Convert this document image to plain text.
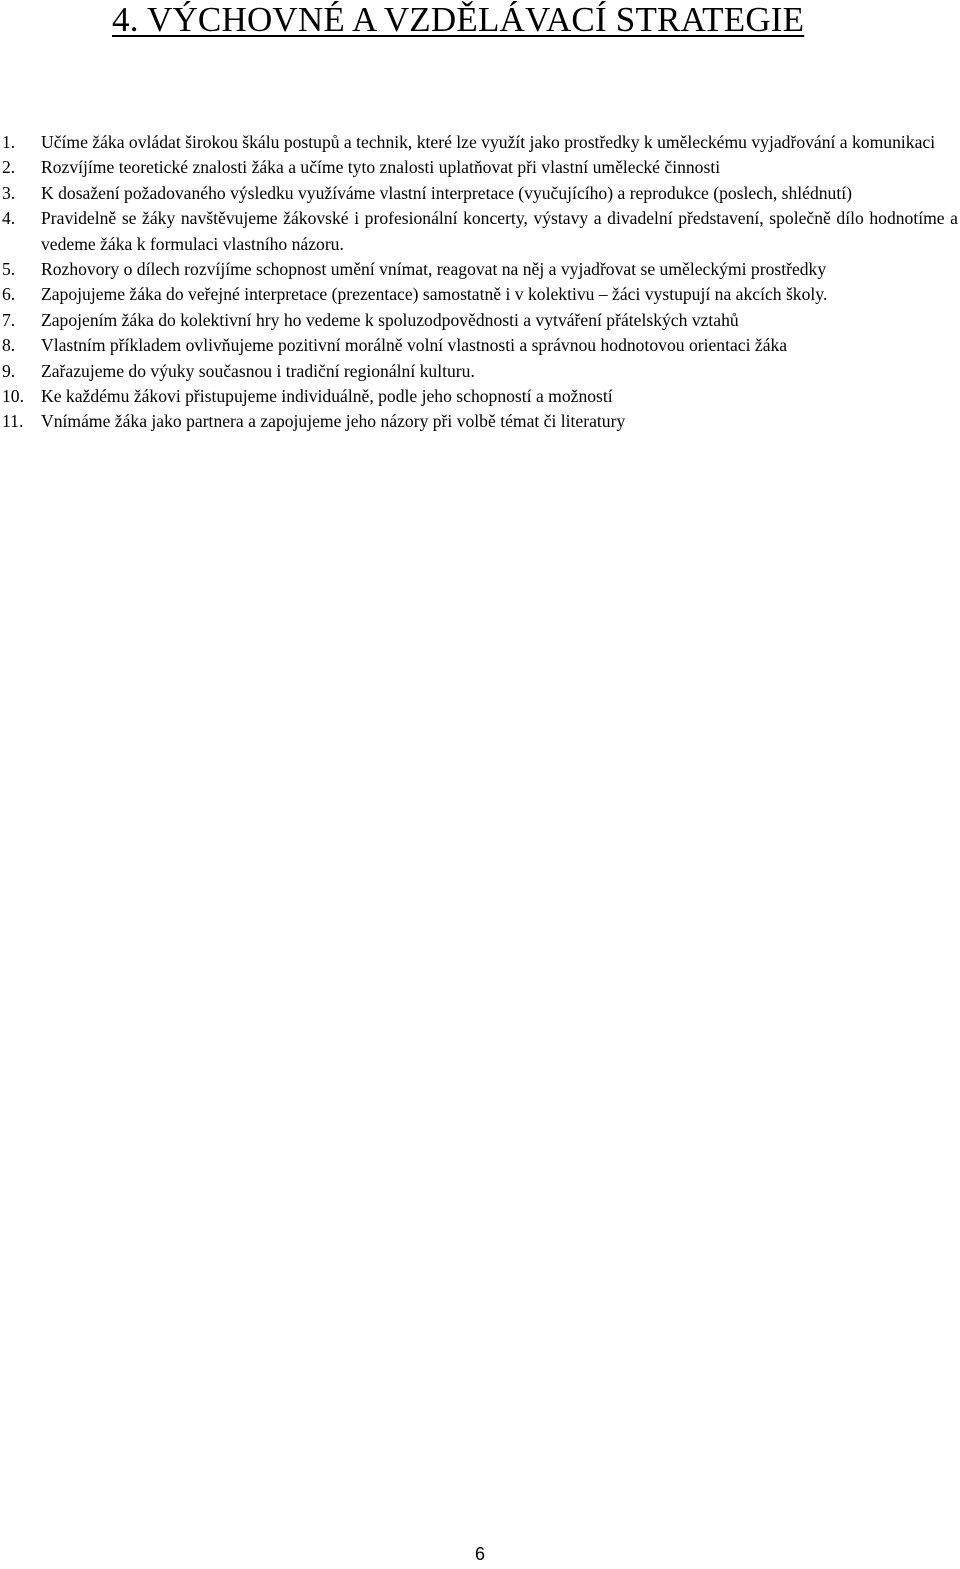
4. VÝCHOVNÉ A VZDĚLÁVACÍ STRATEGIE
1.	Učíme žáka ovládat širokou škálu postupů a technik, které lze využít jako prostředky k uměleckému vyjadřování a komunikaci
2.	Rozvíjíme teoretické znalosti žáka a učíme tyto znalosti uplatňovat při vlastní umělecké činnosti
3.	K dosažení požadovaného výsledku využíváme vlastní interpretace (vyučujícího) a reprodukce (poslech, shlédnutí)
4.	Pravidelně se žáky navštěvujeme žákovské i profesionální koncerty, výstavy a divadelní představení, společně dílo hodnotíme a vedeme žáka k formulaci vlastního názoru.
5.	Rozhovory o dílech rozvíjíme schopnost umění vnímat, reagovat na něj a vyjadřovat se uměleckými prostředky
6.	Zapojujeme žáka do veřejné interpretace (prezentace) samostatně i v kolektivu – žáci vystupují na akcích školy.
7.	Zapojením žáka do kolektivní hry ho vedeme k spoluzodpovědnosti a vytváření přátelských vztahů
8.	Vlastním příkladem ovlivňujeme pozitivní morálně volní vlastnosti a správnou hodnotovou orientaci žáka
9.	Zařazujeme do výuky současnou i tradiční regionální kulturu.
10. Ke každému žákovi přistupujeme individuálně, podle jeho schopností a možností
11.	Vnímáme žáka jako partnera a zapojujeme jeho názory při volbě témat či literatury
6
